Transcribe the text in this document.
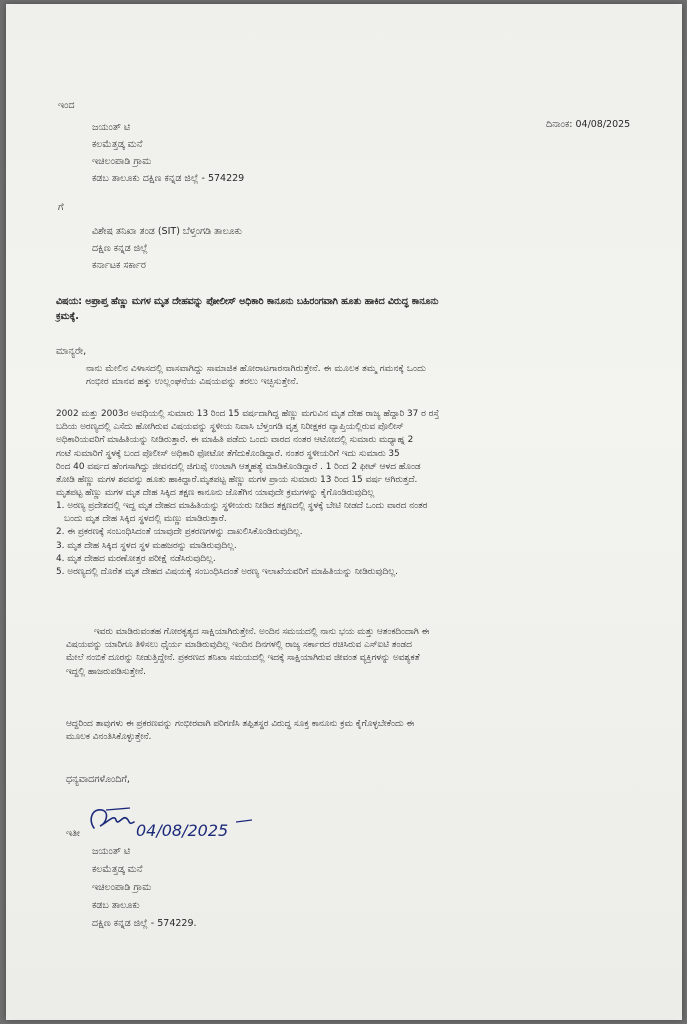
ಇಂದ
ದಿನಾಂಕ: 04/08/2025
ಜಯಂತ್ ಟಿ
ಕಲಮೆತ್ತಡ್ಕ ಮನೆ
ಇಚಿಲಂಪಾಡಿ ಗ್ರಾಮ
ಕಡಬ ತಾಲೂಕು ದಕ್ಷಿಣ ಕನ್ನಡ ಜಿಲ್ಲೆ - 574229
ಗೆ
ವಿಶೇಷ ತನಿಖಾ ತಂಡ (SIT) ಬೆಳ್ತಂಗಡಿ ತಾಲೂಕು
ದಕ್ಷಿಣ ಕನ್ನಡ ಜಿಲ್ಲೆ
ಕರ್ನಾಟಕ ಸರ್ಕಾರ
ವಿಷಯ: ಅಪ್ರಾಪ್ತ ಹೆಣ್ಣು ಮಗಳ ಮೃತ ದೇಹವನ್ನು ಪೋಲೀಸ್ ಅಧಿಕಾರಿ ಕಾನೂನು ಬಹಿರಂಗವಾಗಿ ಹೂತು ಹಾಕಿದ ವಿರುದ್ಧ ಕಾನೂನು
ಕ್ರಮಕ್ಕೆ.
ಮಾನ್ಯರೇ,
ನಾನು ಮೇಲಿನ ವಿಳಾಸದಲ್ಲಿ ವಾಸವಾಗಿದ್ದು ಸಾಮಾಜಿಕ ಹೋರಾಟಗಾರನಾಗಿರುತ್ತೇನೆ. ಈ ಮೂಲಕ ತಮ್ಮ ಗಮನಕ್ಕೆ ಒಂದು
ಗಂಭೀರ ಮಾನವ ಹಕ್ಕು ಉಲ್ಲಂಘನೆಯ ವಿಷಯವನ್ನು ತರಲು ಇಚ್ಛಿಸುತ್ತೇನೆ.
2002 ಮತ್ತು 2003ರ ಅವಧಿಯಲ್ಲಿ ಸುಮಾರು 13 ರಿಂದ 15 ವರ್ಷದಾಗಿದ್ದ ಹೆಣ್ಣು ಮಗುವಿನ ಮೃತ ದೇಹ ರಾಜ್ಯ ಹೆದ್ದಾರಿ 37 ರ ರಸ್ತೆ
ಬದಿಯ ಅರಣ್ಯದಲ್ಲಿ ಎಸೆದು ಹೋಗಿರುವ ವಿಷಯವನ್ನು ಸ್ಥಳೀಯ ನಿವಾಸಿ ಬೆಳ್ತಂಗಡಿ ವೃತ್ತ ನಿರೀಕ್ಷಕರ ವ್ಯಾಪ್ತಿಯಲ್ಲಿರುವ ಪೊಲೀಸ್
ಅಧಿಕಾರಿಯವರಿಗೆ ಮಾಹಿತಿಯನ್ನು ನೀಡಿರುತ್ತಾರೆ. ಈ ಮಾಹಿತಿ ಪಡೆದು ಒಂದು ವಾರದ ನಂತರ ಆಟೋದಲ್ಲಿ ಸುಮಾರು ಮಧ್ಯಾಹ್ನ 2
ಗಂಟೆ ಸುಮಾರಿಗೆ ಸ್ಥಳಕ್ಕೆ ಬಂದ ಪೊಲೀಸ್ ಅಧಿಕಾರಿ ಫೋಟೋ ತೆಗೆದುಕೊಂಡಿದ್ದಾರೆ. ನಂತರ ಸ್ಥಳೀಯರಿಗೆ ಇದು ಸುಮಾರು 35
ರಿಂದ 40 ವರ್ಷದ ಹೆಂಗಸಾಗಿದ್ದು ಜೀವನದಲ್ಲಿ ಜಿಗುಪ್ಸೆ ಉಂಟಾಗಿ ಆತ್ಮಹತ್ಯೆ ಮಾಡಿಕೊಂಡಿದ್ದಾರೆ . 1 ರಿಂದ 2 ಫೀಟ್ ಆಳದ ಹೊಂಡ
ತೋಡಿ ಹೆಣ್ಣು ಮಗಳ ಶವವನ್ನು ಹೂತು ಹಾಕಿದ್ದಾರೆ.ಮೃತಪಟ್ಟ ಹೆಣ್ಣು ಮಗಳ ಪ್ರಾಯ ಸುಮಾರು 13 ರಿಂದ 15 ವರ್ಷ ಆಗಿರುತ್ತದೆ.
ಮೃತಪಟ್ಟ ಹೆಣ್ಣು ಮಗಳ ಮೃತ ದೇಹ ಸಿಕ್ಕಿದ ತಕ್ಷಣ ಕಾನೂನು ಜೊತೆಗಿನ ಯಾವುದೇ ಕ್ರಮಗಳನ್ನು ಕೈಗೊಂಡಿರುವುದಿಲ್ಲ
1. ಅರಣ್ಯ ಪ್ರದೇಶದಲ್ಲಿ ಇದ್ದ ಮೃತ ದೇಹದ ಮಾಹಿತಿಯನ್ನು ಸ್ಥಳೀಯರು ನೀಡಿದ ತಕ್ಷಣದಲ್ಲಿ ಸ್ಥಳಕ್ಕೆ ಬೇಟಿ ನೀಡದೆ ಒಂದು ವಾರದ ನಂತರ
ಬಂದು ಮೃತ ದೇಹ ಸಿಕ್ಕಿದ ಸ್ಥಳದಲ್ಲಿ ಮಣ್ಣು ಮಾಡಿರುತ್ತಾರೆ.
2. ಈ ಪ್ರಕರಣಕ್ಕೆ ಸಂಬಂಧಿಸಿದಂತೆ ಯಾವುದೇ ಪ್ರಕರಣಗಳನ್ನು ದಾಖಲಿಸಿಕೊಂಡಿರುವುದಿಲ್ಲ.
3. ಮೃತ ದೇಹ ಸಿಕ್ಕಿದ ಸ್ಥಳದ ಸ್ಥಳ ಮಹಜರನ್ನು ಮಾಡಿರುವುದಿಲ್ಲ.
4. ಮೃತ ದೇಹದ ಮರಣೋತ್ತರ ಪರೀಕ್ಷೆ ನಡೆಸಿರುವುದಿಲ್ಲ.
5. ಅರಣ್ಯದಲ್ಲಿ ದೊರೆತ ಮೃತ ದೇಹದ ವಿಷಯಕ್ಕೆ ಸಂಬಂಧಿಸಿದಂತೆ ಅರಣ್ಯ ಇಲಾಖೆಯವರಿಗೆ ಮಾಹಿತಿಯನ್ನು ನೀಡಿರುವುದಿಲ್ಲ.
ಇವರು ಮಾಡಿರುವಂತಹ ಗೋರಕೃತ್ಯದ ಸಾಕ್ಷಿಯಾಗಿರುತ್ತೇನೆ. ಅಂದಿನ ಸಮಯದಲ್ಲಿ ನಾನು ಭಯ ಮತ್ತು ಆತಂಕದಿಂದಾಗಿ ಈ
ವಿಷಯವನ್ನು ಯಾರಿಗೂ ತಿಳಿಸಲು ಧೈರ್ಯ ಮಾಡಿರುವುದಿಲ್ಲ ಇಂದಿನ ದಿನಗಳಲ್ಲಿ ರಾಜ್ಯ ಸರ್ಕಾರದ ರಚಿಸಿರುವ ಎಸ್‌ಐಟಿ ತಂಡದ
ಮೇಲೆ ನಂಬಿಕೆ ದೂರನ್ನು ನೀಡುತ್ತಿದ್ದೇನೆ. ಪ್ರಕರಣದ ತನಿಖಾ ಸಮಯದಲ್ಲಿ ಇದಕ್ಕೆ ಸಾಕ್ಷಿಯಾಗಿರುವ ಜೀವಂತ ವ್ಯಕ್ತಿಗಳನ್ನು ಅವಶ್ಯಕತೆ
ಇದ್ದಲ್ಲಿ ಹಾಜರುಪಡಿಸುತ್ತೇನೆ.
ಆದ್ದರಿಂದ ತಾವುಗಳು ಈ ಪ್ರಕರಣವನ್ನು ಗಂಭೀರವಾಗಿ ಪರಿಗಣಿಸಿ ತಪ್ಪಿತಸ್ಥರ ವಿರುದ್ಧ ಸೂಕ್ತ ಕಾನೂನು ಕ್ರಮ ಕೈಗೊಳ್ಳಬೇಕೆಂದು ಈ
ಮೂಲಕ ವಿನಂತಿಸಿಕೊಳ್ಳುತ್ತೇನೆ.
ಧನ್ಯವಾದಗಳೊಂದಿಗೆ,
ಇತೀ	04/08/2025
ಜಯಂತ್ ಟಿ
ಕಲಮೆತ್ತಡ್ಕ ಮನೆ
ಇಚಿಲಂಪಾಡಿ ಗ್ರಾಮ
ಕಡಬ ತಾಲೂಕು
ದಕ್ಷಿಣ ಕನ್ನಡ ಜಿಲ್ಲೆ - 574229.
